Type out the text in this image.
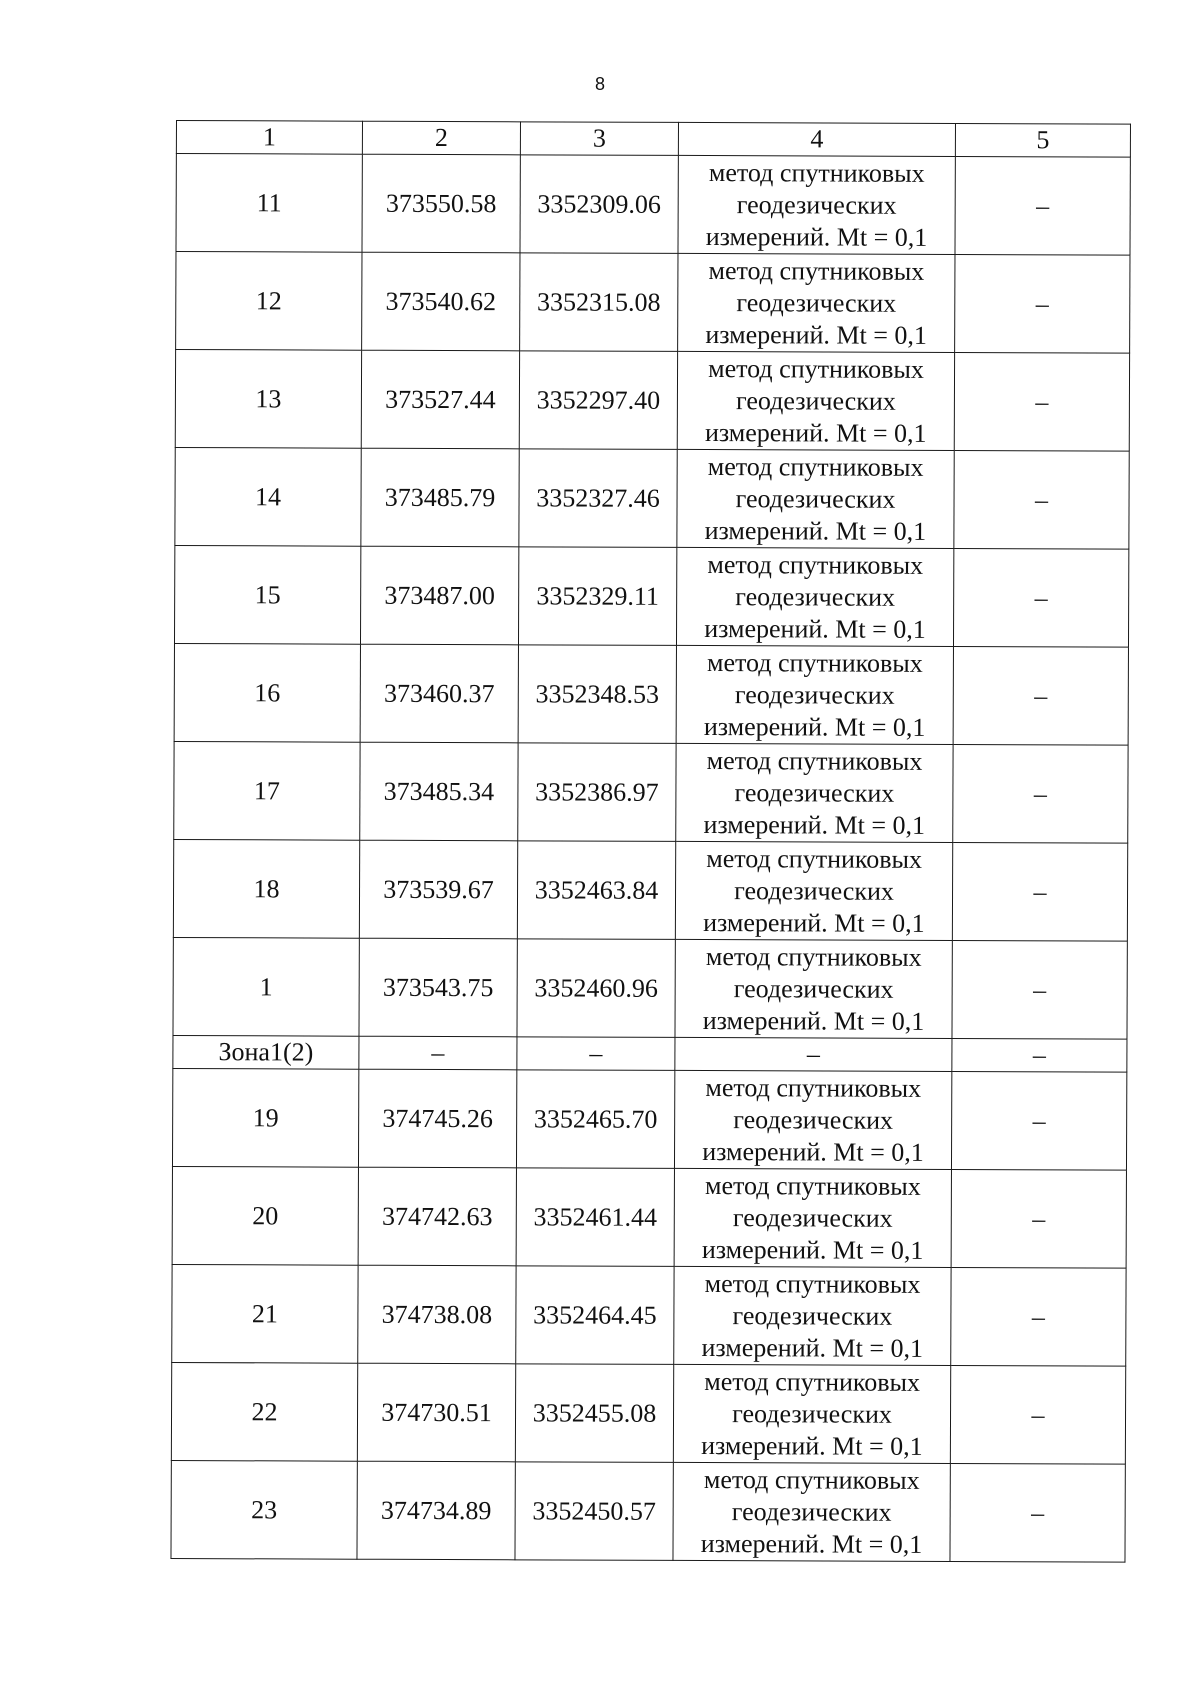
8
1	2	3	4	5
11	373550.58	3352309.06	метод спутниковых
геодезических
измерений. Mt = 0,1	–
12	373540.62	3352315.08	метод спутниковых
геодезических
измерений. Mt = 0,1	–
13	373527.44	3352297.40	метод спутниковых
геодезических
измерений. Mt = 0,1	–
14	373485.79	3352327.46	метод спутниковых
геодезических
измерений. Mt = 0,1	–
15	373487.00	3352329.11	метод спутниковых
геодезических
измерений. Mt = 0,1	–
16	373460.37	3352348.53	метод спутниковых
геодезических
измерений. Mt = 0,1	–
17	373485.34	3352386.97	метод спутниковых
геодезических
измерений. Mt = 0,1	–
18	373539.67	3352463.84	метод спутниковых
геодезических
измерений. Mt = 0,1	–
1	373543.75	3352460.96	метод спутниковых
геодезических
измерений. Mt = 0,1	–
Зона1(2)	–	–	–	–
19	374745.26	3352465.70	метод спутниковых
геодезических
измерений. Mt = 0,1	–
20	374742.63	3352461.44	метод спутниковых
геодезических
измерений. Mt = 0,1	–
21	374738.08	3352464.45	метод спутниковых
геодезических
измерений. Mt = 0,1	–
22	374730.51	3352455.08	метод спутниковых
геодезических
измерений. Mt = 0,1	–
23	374734.89	3352450.57	метод спутниковых
геодезических
измерений. Mt = 0,1	–
